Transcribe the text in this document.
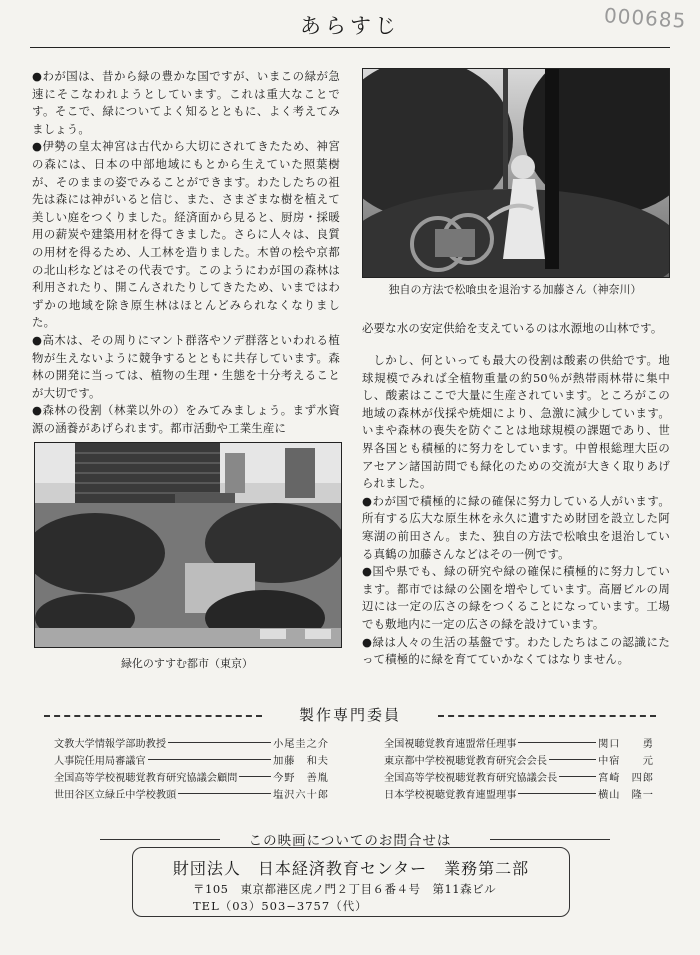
000685
あらすじ

●わが国は、昔から緑の豊かな国ですが、いまこの緑が急速にそこなわれようとしています。これは重大なことです。そこで、緑についてよく知るとともに、よく考えてみましょう。

●伊勢の皇太神宮は古代から大切にされてきたため、神宮の森には、日本の中部地域にもとから生えていた照葉樹が、そのままの姿でみることができます。わたしたちの祖先は森には神がいると信じ、また、さまざまな樹を植えて美しい庭をつくりました。経済面から見ると、厨房・採暖用の薪炭や建築用材を得てきました。さらに人々は、良質の用材を得るため、人工林を造りました。木曽の桧や京都の北山杉などはその代表です。このようにわが国の森林は利用されたり、開こんされたりしてきたため、いまではわずかの地域を除き原生林はほとんどみられなくなりました。

●高木は、その周りにマント群落やソデ群落といわれる植物が生えないように競争するとともに共存しています。森林の開発に当っては、植物の生理・生態を十分考えることが大切です。

●森林の役割（林業以外の）をみてみましょう。まず水資源の涵養があげられます。都市活動や工業生産に

独自の方法で松喰虫を退治する加藤さん（神奈川）
緑化のすすむ都市（東京）

必要な水の安定供給を支えているのは水源地の山林です。

しかし、何といっても最大の役割は酸素の供給です。地球規模でみれば全植物重量の約50％が熱帯雨林帯に集中し、酸素はここで大量に生産されています。ところがこの地域の森林が伐採や焼畑により、急激に減少しています。いまや森林の喪失を防ぐことは地球規模の課題であり、世界各国とも積極的に努力をしています。中曽根総理大臣のアセアン諸国訪問でも緑化のための交流が大きく取りあげられました。

●わが国で積極的に緑の確保に努力している人がいます。所有する広大な原生林を永久に遺すため財団を設立した阿寒湖の前田さん。また、独自の方法で松喰虫を退治している真鶴の加藤さんなどはその一例です。

●国や県でも、緑の研究や緑の確保に積極的に努力しています。都市では緑の公園を増やしています。高層ビルの周辺には一定の広さの緑をつくることになっています。工場でも敷地内に一定の広さの緑を設けています。

●緑は人々の生活の基盤です。わたしたちはこの認識にたって積極的に緑を育てていかなくてはなりません。

製作専門委員
文教大学情報学部助教授	小尾圭之介
人事院任用局審議官	加藤　和夫
全国高等学校視聴覚教育研究協議会顧問	今野　善胤
世田谷区立緑丘中学校教頭	塩沢六十郎
全国視聴覚教育連盟常任理事	関口　　勇
東京都中学校視聴覚教育研究会会長	中宿　　元
全国高等学校視聴覚教育研究協議会長	宮崎　四郎
日本学校視聴覚教育連盟理事	横山　隆一
この映画についてのお問合せは
財団法人　日本経済教育センター　業務第二部
〒105　東京都港区虎ノ門２丁目６番４号　第11森ビル
TEL（03）503−3757（代）
